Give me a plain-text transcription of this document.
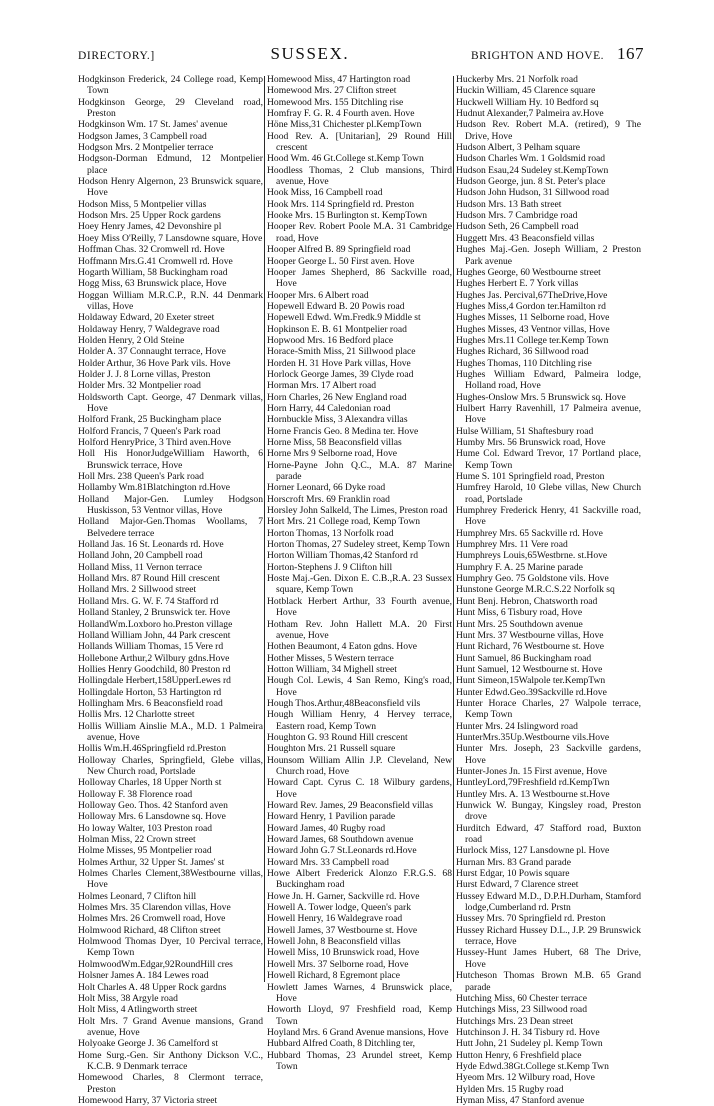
DIRECTORY.]	SUSSEX.	BRIGHTON AND HOVE. 167

Hodgkinson Frederick, 24 College road, Kemp Town

Hodgkinson George, 29 Cleveland road, Preston

Hodgkinson Wm. 17 St. James' avenue

Hodgson James, 3 Campbell road

Hodgson Mrs. 2 Montpelier terrace

Hodgson-Dorman Edmund, 12 Montpelier place

Hodson Henry Algernon, 23 Brunswick square, Hove

Hodson Miss, 5 Montpelier villas

Hodson Mrs. 25 Upper Rock gardens

Hoey Henry James, 42 Devonshire pl

Hoey Miss O'Reilly, 7 Lansdowne square, Hove

Hoffman Chas. 32 Cromwell rd. Hove

Hoffmann Mrs.G.41 Cromwell rd. Hove

Hogarth William, 58 Buckingham road

Hogg Miss, 63 Brunswick place, Hove

Hoggan William M.R.C.P., R.N. 44 Denmark villas, Hove

Holdaway Edward, 20 Exeter street

Holdaway Henry, 7 Waldegrave road

Holden Henry, 2 Old Steine

Holder A. 37 Connaught terrace, Hove

Holder Arthur, 36 Hove Park vils. Hove

Holder J. J. 8 Lorne villas, Preston

Holder Mrs. 32 Montpelier road

Holdsworth Capt. George, 47 Denmark villas, Hove

Holford Frank, 25 Buckingham place

Holford Francis, 7 Queen's Park road

Holford HenryPrice, 3 Third aven.Hove

Holl His HonorJudgeWilliam Haworth, 6 Brunswick terrace, Hove

Holl Mrs. 238 Queen's Park road

Hollamby Wm.81Blatchington rd.Hove

Holland Major-Gen. Lumley Hodgson Huskisson, 53 Ventnor villas, Hove

Holland Major-Gen.Thomas Woollams, 7 Belvedere terrace

Holland Jas. 16 St. Leonards rd. Hove

Holland John, 20 Campbell road

Holland Miss, 11 Vernon terrace

Holland Mrs. 87 Round Hill crescent

Holland Mrs. 2 Sillwood street

Holland Mrs. G. W. F. 74 Stafford rd

Holland Stanley, 2 Brunswick ter. Hove

HollandWm.Loxboro ho.Preston village

Holland William John, 44 Park crescent

Hollands William Thomas, 15 Vere rd

Hollebone Arthur,2 Wilbury gdns.Hove

Hollies Henry Goodchild, 80 Preston rd

Hollingdale Herbert,158UpperLewes rd

Hollingdale Horton, 53 Hartington rd

Hollingham Mrs. 6 Beaconsfield road

Hollis Mrs. 12 Charlotte street

Hollis William Ainslie M.A., M.D. 1 Palmeira avenue, Hove

Hollis Wm.H.46Springfield rd.Preston

Holloway Charles, Springfield, Glebe villas, New Church road, Portslade

Holloway Charles, 18 Upper North st

Holloway F. 38 Florence road

Holloway Geo. Thos. 42 Stanford aven

Holloway Mrs. 6 Lansdowne sq. Hove

Ho loway Walter, 103 Preston road

Holman Miss, 22 Crown street

Holme Misses, 95 Montpelier road

Holmes Arthur, 32 Upper St. James' st

Holmes Charles Clement,38Westbourne villas, Hove

Holmes Leonard, 7 Clifton hill

Holmes Mrs. 35 Clarendon villas, Hove

Holmes Mrs. 26 Cromwell road, Hove

Holmwood Richard, 48 Clifton street

Holmwood Thomas Dyer, 10 Percival terrace, Kemp Town

HolmwoodWm.Edgar,92RoundHill cres

Holsner James A. 184 Lewes road

Holt Charles A. 48 Upper Rock gardns

Holt Miss, 38 Argyle road

Holt Miss, 4 Atlingworth street

Holt Mrs. 7 Grand Avenue mansions, Grand avenue, Hove

Holyoake George J. 36 Camelford st

Home Surg.-Gen. Sir Anthony Dickson V.C., K.C.B. 9 Denmark terrace

Homewood Charles, 8 Clermont terrace, Preston

Homewood Harry, 37 Victoria street

Homewood Miss, 47 Hartington road

Homewood Mrs. 27 Clifton street

Homewood Mrs. 155 Ditchling rise

Homfray F. G. R. 4 Fourth aven. Hove

Höne Miss,31 Chichester pl.KempTown

Hood Rev. A. [Unitarian], 29 Round Hill crescent

Hood Wm. 46 Gt.College st.Kemp Town

Hoodless Thomas, 2 Club mansions, Third avenue, Hove

Hook Miss, 16 Campbell road

Hook Mrs. 114 Springfield rd. Preston

Hooke Mrs. 15 Burlington st. KempTown

Hooper Rev. Robert Poole M.A. 31 Cambridge road, Hove

Hooper Alfred B. 89 Springfield road

Hooper George L. 50 First aven. Hove

Hooper James Shepherd, 86 Sackville road, Hove

Hooper Mrs. 6 Albert road

Hopewell Edward B. 20 Powis road

Hopewell Edwd. Wm.Fredk.9 Middle st

Hopkinson E. B. 61 Montpelier road

Hopwood Mrs. 16 Bedford place

Horace-Smith Miss, 21 Sillwood place

Horden H. 31 Hove Park villas, Hove

Horlock George James, 39 Clyde road

Horman Mrs. 17 Albert road

Horn Charles, 26 New England road

Horn Harry, 44 Caledonian road

Hornbuckle Miss, 3 Alexandra villas

Horne Francis Geo. 8 Medina ter. Hove

Horne Miss, 58 Beaconsfield villas

Horne Mrs 9 Selborne road, Hove

Horne-Payne John Q.C., M.A. 87 Marine parade

Horner Leonard, 66 Dyke road

Horscroft Mrs. 69 Franklin road

Horsley John Salkeld, The Limes, Preston road

Hort Mrs. 21 College road, Kemp Town

Horton Thomas, 13 Norfolk road

Horton Thomas, 27 Sudeley street, Kemp Town

Horton William Thomas,42 Stanford rd

Horton-Stephens J. 9 Clifton hill

Hoste Maj.-Gen. Dixon E. C.B.,R.A. 23 Sussex square, Kemp Town

Hotblack Herbert Arthur, 33 Fourth avenue, Hove

Hotham Rev. John Hallett M.A. 20 First avenue, Hove

Hothen Beaumont, 4 Eaton gdns. Hove

Hother Misses, 5 Western terrace

Hotton William, 34 Mighell street

Hough Col. Lewis, 4 San Remo, King's road, Hove

Hough Thos.Arthur,48Beaconsfield vils

Hough William Henry, 4 Hervey terrace, Eastern road, Kemp Town

Houghton G. 93 Round Hill crescent

Houghton Mrs. 21 Russell square

Hounsom William Allin J.P. Cleveland, New Church road, Hove

Howard Capt. Cyrus C. 18 Wilbury gardens, Hove

Howard Rev. James, 29 Beaconsfield villas

Howard Henry, 1 Pavilion parade

Howard James, 40 Rugby road

Howard James, 68 Southdown avenue

Howard John G.7 St.Leonards rd.Hove

Howard Mrs. 33 Campbell road

Howe Albert Frederick Alonzo F.R.G.S. 68 Buckingham road

Howe Jn. H. Garner, Sackville rd. Hove

Howell A. Tower lodge, Queen's park

Howell Henry, 16 Waldegrave road

Howell James, 37 Westbourne st. Hove

Howell John, 8 Beaconsfield villas

Howell Miss, 10 Brunswick road, Hove

Howell Mrs. 37 Selborne road, Hove

Howell Richard, 8 Egremont place

Howlett James Warnes, 4 Brunswick place, Hove

Howorth Lloyd, 97 Freshfield road, Kemp Town

Hoyland Mrs. 6 Grand Avenue mansions, Hove

Hubbard Alfred Coath, 8 Ditchling ter,

Hubbard Thomas, 23 Arundel street, Kemp Town

Huckerby Mrs. 21 Norfolk road

Huckin William, 45 Clarence square

Huckwell William Hy. 10 Bedford sq

Hudnut Alexander,7 Palmeira av.Hove

Hudson Rev. Robert M.A. (retired), 9 The Drive, Hove

Hudson Albert, 3 Pelham square

Hudson Charles Wm. 1 Goldsmid road

Hudson Esau,24 Sudeley st.KempTown

Hudson George, jun. 8 St. Peter's place

Hudson John Hudson, 31 Sillwood road

Hudson Mrs. 13 Bath street

Hudson Mrs. 7 Cambridge road

Hudson Seth, 26 Campbell road

Huggett Mrs. 43 Beaconsfield villas

Hughes Maj.-Gen. Joseph William, 2 Preston Park avenue

Hughes George, 60 Westbourne street

Hughes Herbert E. 7 York villas

Hughes Jas. Percival,67TheDrive,Hove

Hughes Miss,4 Gordon ter.Hamilton rd

Hughes Misses, 11 Selborne road, Hove

Hughes Misses, 43 Ventnor villas, Hove

Hughes Mrs.11 College ter.Kemp Town

Hughes Richard, 36 Sillwood road

Hughes Thomas, 110 Ditchling rise

Hughes William Edward, Palmeira lodge, Holland road, Hove

Hughes-Onslow Mrs. 5 Brunswick sq. Hove

Hulbert Harry Ravenhill, 17 Palmeira avenue, Hove

Hulse William, 51 Shaftesbury road

Humby Mrs. 56 Brunswick road, Hove

Hume Col. Edward Trevor, 17 Portland place, Kemp Town

Hume S. 101 Springfield road, Preston

Humfrey Harold, 10 Glebe villas, New Church road, Portslade

Humphrey Frederick Henry, 41 Sackville road, Hove

Humphrey Mrs. 65 Sackville rd. Hove

Humphrey Mrs. 11 Vere road

Humphreys Louis,65Westbrne. st.Hove

Humphry F. A. 25 Marine parade

Humphry Geo. 75 Goldstone vils. Hove

Hunstone George M.R.C.S.22 Norfolk sq

Hunt Benj. Hebron, Chatsworth road

Hunt Miss, 6 Tisbury road, Hove

Hunt Mrs. 25 Southdown avenue

Hunt Mrs. 37 Westbourne villas, Hove

Hunt Richard, 76 Westbourne st. Hove

Hunt Samuel, 86 Buckingham road

Hunt Samuel, 12 Westbourne st. Hove

Hunt Simeon,15Walpole ter.KempTwn

Hunter Edwd.Geo.39Sackville rd.Hove

Hunter Horace Charles, 27 Walpole terrace, Kemp Town

Hunter Mrs. 24 Islingword road

HunterMrs.35Up.Westbourne vils.Hove

Hunter Mrs. Joseph, 23 Sackville gardens, Hove

Hunter-Jones Jn. 15 First avenue, Hove

HuntleyLord,79Freshfield rd.KempTwn

Huntley Mrs. A. 13 Westbourne st.Hove

Hunwick W. Bungay, Kingsley road, Preston drove

Hurditch Edward, 47 Stafford road, Buxton road

Hurlock Miss, 127 Lansdowne pl. Hove

Hurnan Mrs. 83 Grand parade

Hurst Edgar, 10 Powis square

Hurst Edward, 7 Clarence street

Hussey Edward M.D., D.P.H.Durham, Stamford lodge,Cumberland rd. Prstn

Hussey Mrs. 70 Springfield rd. Preston

Hussey Richard Hussey D.L., J.P. 29 Brunswick terrace, Hove

Hussey-Hunt James Hubert, 68 The Drive, Hove

Hutcheson Thomas Brown M.B. 65 Grand parade

Hutching Miss, 60 Chester terrace

Hutchings Miss, 23 Sillwood road

Hutchings Mrs. 23 Dean street

Hutchinson J. H. 34 Tisbury rd. Hove

Hutt John, 21 Sudeley pl. Kemp Town

Hutton Henry, 6 Freshfield place

Hyde Edwd.38Gt.College st.Kemp Twn

Hyeom Mrs. 12 Wilbury road, Hove

Hylden Mrs. 15 Rugby road

Hyman Miss, 47 Stanford avenue
